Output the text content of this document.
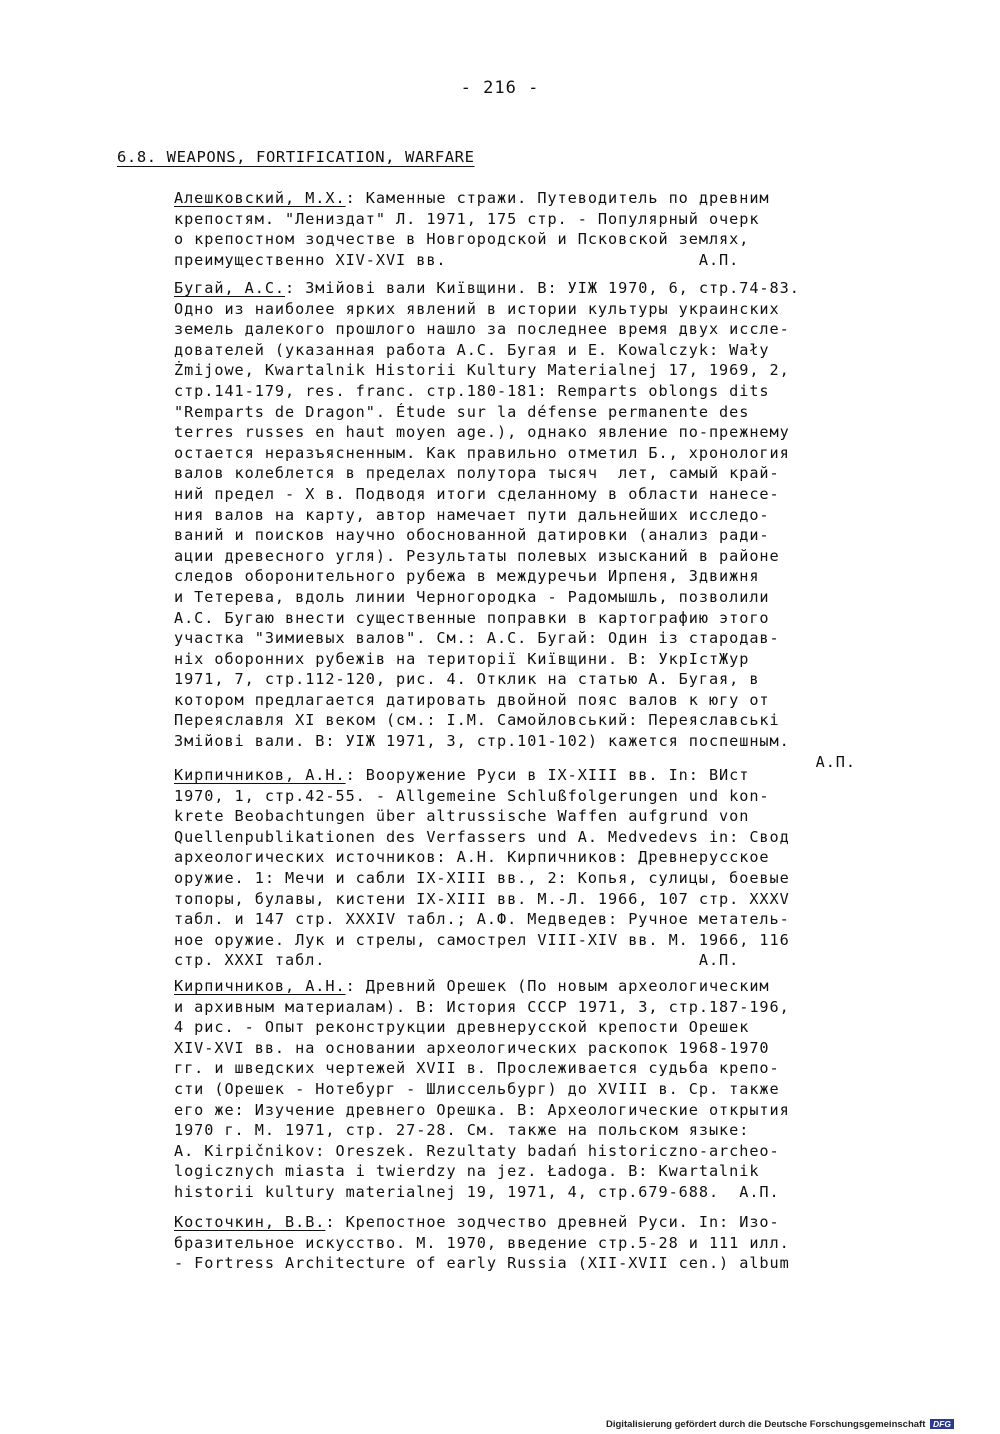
- 216 -
6.8. WEAPONS, FORTIFICATION, WARFARE
Алешковский, М.Х.: Каменные стражи. Путеводитель по древним
крепостям. "Лениздат" Л. 1971, 175 стр. - Популярный очерк
о крепостном зодчестве в Новгородской и Псковской землях,
преимущественно XIV-XVI вв.                         А.П.
Бугай, А.С.: Змійові вали Київщини. В: УІЖ 1970, 6, стр.74-83.
Одно из наиболее ярких явлений в истории культуры украинских
земель далекого прошлого нашло за последнее время двух иссле-
дователей (указанная работа А.С. Бугая и E. Kowalczyk: Wały
Żmijowe, Kwartalnik Historii Kultury Materialnej 17, 1969, 2,
стр.141-179, res. franc. стр.180-181: Remparts oblongs dits
"Remparts de Dragon". Étude sur la défense permanente des
terres russes en haut moyen age.), однако явление по-прежнему
остается неразъясненным. Как правильно отметил Б., хронология
валов колеблется в пределах полутора тысяч  лет, самый край-
ний предел - X в. Подводя итоги сделанному в области нанесе-
ния валов на карту, автор намечает пути дальнейших исследо-
ваний и поисков научно обоснованной датировки (анализ ради-
ации древесного угля). Результаты полевых изысканий в районе
следов оборонительного рубежа в междуречьи Ирпеня, Здвижня
и Тетерева, вдоль линии Черногородка - Радомышль, позволили
А.С. Бугаю внести существенные поправки в картографию этого
участка "Зимиевых валов". См.: А.С. Бугай: Один із стародав-
ніх оборонних рубежів на території Київщини. В: УкрІстЖур
1971, 7, стр.112-120, рис. 4. Отклик на статью А. Бугая, в
котором предлагается датировать двойной пояс валов к югу от
Переяславля XI веком (см.: I.M. Самойловський: Переяславські
Змійові вали. В: УІЖ 1971, 3, стр.101-102) кажется поспешным.
А.П.
Кирпичников, А.Н.: Вооружение Руси в IX-XIII вв. In: ВИст
1970, 1, стр.42-55. - Allgemeine Schlußfolgerungen und kon-
krete Beobachtungen über altrussische Waffen aufgrund von
Quellenpublikationen des Verfassers und A. Medvedevs in: Свод
археологических источников: А.Н. Кирпичников: Древнерусское
оружие. 1: Мечи и сабли IX-XIII вв., 2: Копья, сулицы, боевые
топоры, булавы, кистени IX-XIII вв. М.-Л. 1966, 107 стр. XXXV
табл. и 147 стр. XXXIV табл.; А.Ф. Медведев: Ручное метатель-
ное оружие. Лук и стрелы, самострел VIII-XIV вв. М. 1966, 116
стр. XXXI табл.                                     А.П.
Кирпичников, А.Н.: Древний Орешек (По новым археологическим
и архивным материалам). В: История СССР 1971, 3, стр.187-196,
4 рис. - Опыт реконструкции древнерусской крепости Орешек
XIV-XVI вв. на основании археологических раскопок 1968-1970
гг. и шведских чертежей XVII в. Прослеживается судьба крепо-
сти (Орешек - Нотебург - Шлиссельбург) до XVIII в. Ср. также
его же: Изучение древнего Орешка. В: Археологические открытия
1970 г. М. 1971, стр. 27-28. См. также на польском языке:
A. Kirpičnikov: Oreszek. Rezultaty badań historiczno-archeo-
logicznych miasta i twierdzy na jez. Ładoga. B: Kwartalnik
historii kultury materialnej 19, 1971, 4, стр.679-688.  А.П.
Косточкин, В.В.: Крепостное зодчество древней Руси. In: Изо-
бразительное искусство. М. 1970, введение стр.5-28 и 111 илл.
- Fortress Architecture of early Russia (XII-XVII cen.) album
Digitalisierung gefördert durch die Deutsche Forschungsgemeinschaft DFG
